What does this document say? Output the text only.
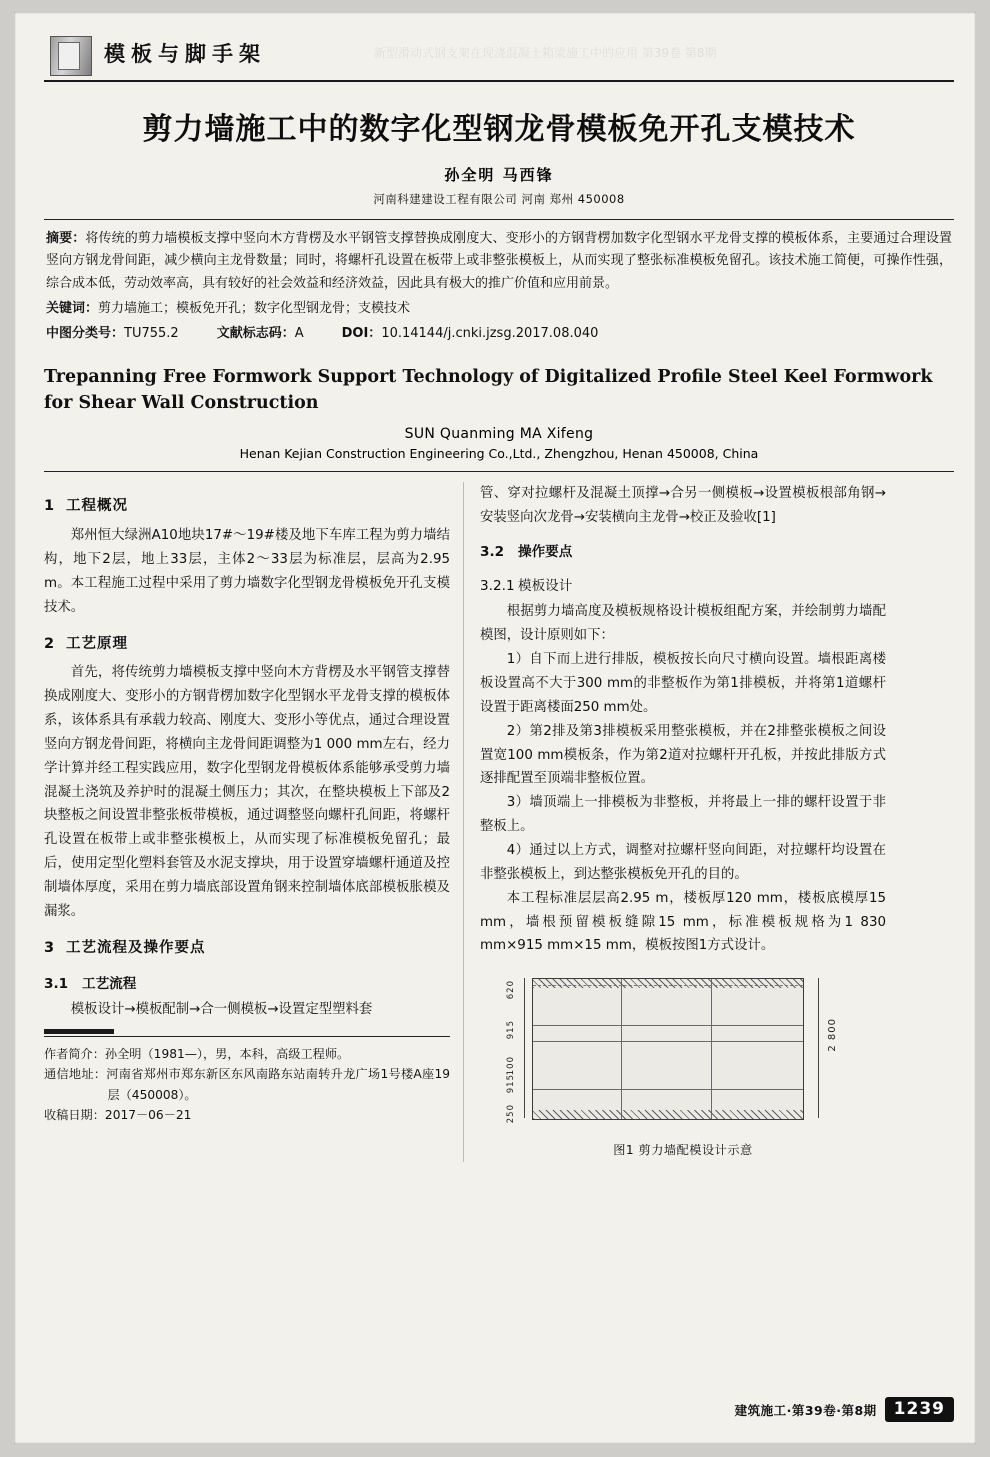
模板与脚手架	新型滑动式钢支架在现浇混凝土箱梁施工中的应用 第39卷 第8期
剪力墙施工中的数字化型钢龙骨模板免开孔支模技术
孙全明 马西锋
河南科建建设工程有限公司 河南 郑州 450008
摘要：将传统的剪力墙模板支撑中竖向木方背楞及水平钢管支撑替换成刚度大、变形小的方钢背楞加数字化型钢水平龙骨支撑的模板体系，主要通过合理设置竖向方钢龙骨间距，减少横向主龙骨数量；同时，将螺杆孔设置在板带上或非整张模板上，从而实现了整张标准模板免留孔。该技术施工简便，可操作性强，综合成本低，劳动效率高，具有较好的社会效益和经济效益，因此具有极大的推广价值和应用前景。
关键词：剪力墙施工；模板免开孔；数字化型钢龙骨；支模技术
中图分类号：TU755.2	文献标志码：A	DOI：10.14144/j.cnki.jzsg.2017.08.040
Trepanning Free Formwork Support Technology of Digitalized Profile Steel Keel Formwork for Shear Wall Construction
SUN Quanming MA Xifeng
Henan Kejian Construction Engineering Co.,Ltd., Zhengzhou, Henan 450008, China
1 工程概况

郑州恒大绿洲A10地块17#～19#楼及地下车库工程为剪力墙结构，地下2层，地上33层，主体2～33层为标准层，层高为2.95 m。本工程施工过程中采用了剪力墙数字化型钢龙骨模板免开孔支模技术。

2 工艺原理

首先，将传统剪力墙模板支撑中竖向木方背楞及水平钢管支撑替换成刚度大、变形小的方钢背楞加数字化型钢水平龙骨支撑的模板体系，该体系具有承载力较高、刚度大、变形小等优点，通过合理设置竖向方钢龙骨间距，将横向主龙骨间距调整为1 000 mm左右，经力学计算并经工程实践应用，数字化型钢龙骨模板体系能够承受剪力墙混凝土浇筑及养护时的混凝土侧压力；其次，在整块模板上下部及2块整板之间设置非整张板带模板，通过调整竖向螺杆孔间距，将螺杆孔设置在板带上或非整张模板上，从而实现了标准模板免留孔；最后，使用定型化塑料套管及水泥支撑块，用于设置穿墙螺杆通道及控制墙体厚度，采用在剪力墙底部设置角钢来控制墙体底部模板胀模及漏浆。

3 工艺流程及操作要点
3.1 工艺流程

模板设计→模板配制→合一侧模板→设置定型塑料套

作者简介：孙全明（1981—），男，本科，高级工程师。

通信地址：河南省郑州市郑东新区东风南路东站南转升龙广场1号楼A座19层（450008）。

收稿日期：2017－06－21

管、穿对拉螺杆及混凝土顶撑→合另一侧模板→设置模板根部角钢→安装竖向次龙骨→安装横向主龙骨→校正及验收[1]

3.2 操作要点
3.2.1 模板设计

根据剪力墙高度及模板规格设计模板组配方案，并绘制剪力墙配模图，设计原则如下：

1）自下而上进行排版，模板按长向尺寸横向设置。墙根距离楼板设置高不大于300 mm的非整板作为第1排模板，并将第1道螺杆设置于距离楼面250 mm处。

2）第2排及第3排模板采用整张模板，并在2排整张模板之间设置宽100 mm模板条，作为第2道对拉螺杆开孔板，并按此排版方式逐排配置至顶端非整板位置。

3）墙顶端上一排模板为非整板，并将最上一排的螺杆设置于非整板上。

4）通过以上方式，调整对拉螺杆竖向间距，对拉螺杆均设置在非整张模板上，到达整张模板免开孔的目的。

本工程标准层层高2.95 m，楼板厚120 mm，楼板底模厚15 mm，墙根预留模板缝隙15 mm，标准模板规格为1 830 mm×915 mm×15 mm，模板按图1方式设计。

620
915
100
915
250
2 800
图1 剪力墙配模设计示意
建筑施工·第39卷·第8期	1239
